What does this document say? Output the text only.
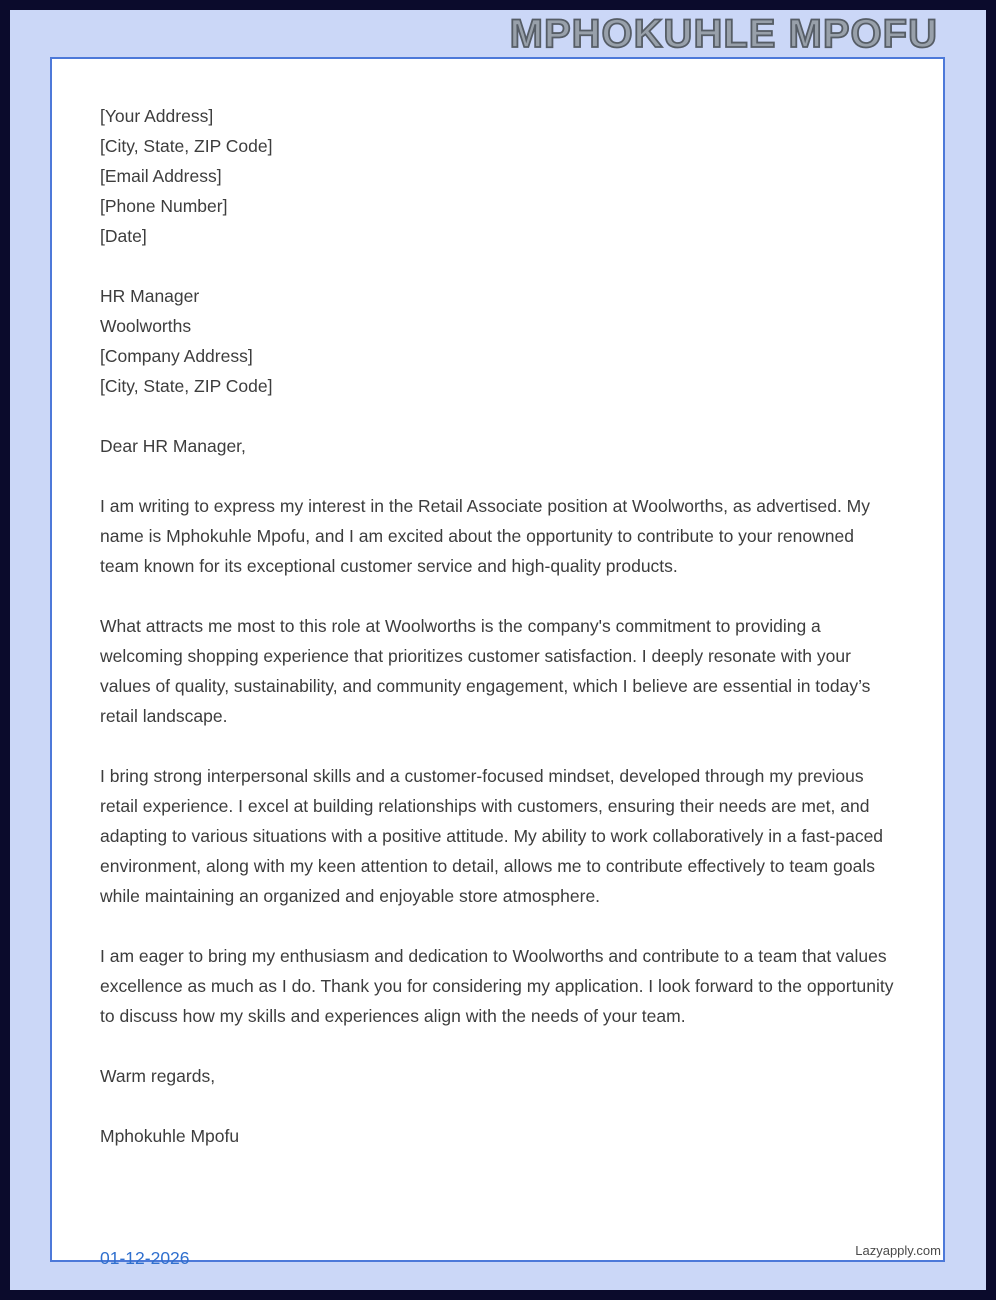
MPHOKUHLE MPOFU

[Your Address]

[City, State, ZIP Code]

[Email Address]

[Phone Number]

[Date]

HR Manager

Woolworths

[Company Address]

[City, State, ZIP Code]

Dear HR Manager,

I am writing to express my interest in the Retail Associate position at Woolworths, as advertised. My name is Mphokuhle Mpofu, and I am excited about the opportunity to contribute to your renowned team known for its exceptional customer service and high-quality products.

What attracts me most to this role at Woolworths is the company's commitment to providing a welcoming shopping experience that prioritizes customer satisfaction. I deeply resonate with your values of quality, sustainability, and community engagement, which I believe are essential in today’s retail landscape.

I bring strong interpersonal skills and a customer-focused mindset, developed through my previous retail experience. I excel at building relationships with customers, ensuring their needs are met, and adapting to various situations with a positive attitude. My ability to work collaboratively in a fast-paced environment, along with my keen attention to detail, allows me to contribute effectively to team goals while maintaining an organized and enjoyable store atmosphere.

I am eager to bring my enthusiasm and dedication to Woolworths and contribute to a team that values excellence as much as I do. Thank you for considering my application. I look forward to the opportunity to discuss how my skills and experiences align with the needs of your team.

Warm regards,

Mphokuhle Mpofu

01-12-2026	Lazyapply.com
